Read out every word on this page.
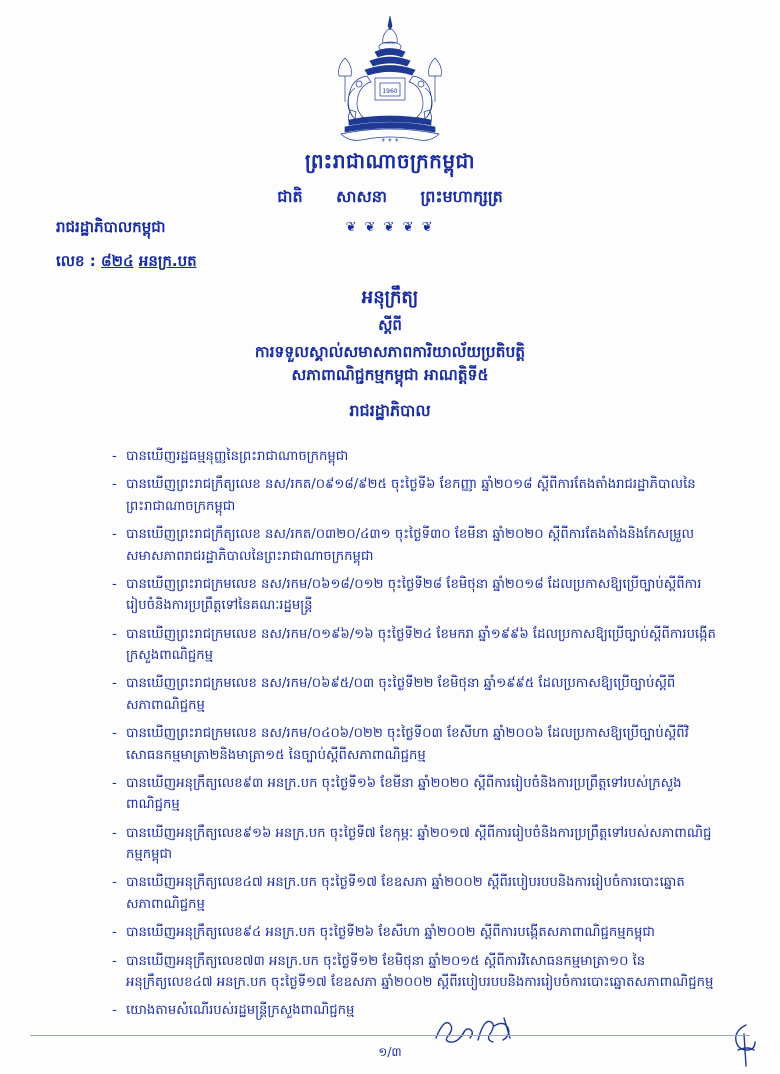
1960
⚜ ⚜ ⚜
ព្រះរាជាណាចក្រកម្ពុជា
ជាតិ សាសនា ព្រះមហាក្សត្រ
❦ ❦ ❦ ❦ ❦
រាជរដ្ឋាភិបាលកម្ពុជា
លេខ : ៨២៤ អនក្រ.បត
អនុក្រឹត្យ
ស្តីពី
ការទទួលស្គាល់សមាសភាពការិយាល័យប្រតិបត្តិ
សភាពាណិជ្ជកម្មកម្ពុជា អាណត្តិទី៥
រាជរដ្ឋាភិបាល
- បានឃើញរដ្ឋធម្មនុញ្ញនៃព្រះរាជាណាចក្រកម្ពុជា
- បានឃើញព្រះរាជក្រឹត្យលេខ នស/រកត/០៩១៨/៩២៥ ចុះថ្ងៃទី៦ ខែកញ្ញា ឆ្នាំ២០១៨ ស្តីពីការតែងតាំងរាជរដ្ឋាភិបាលនៃព្រះរាជាណាចក្រកម្ពុជា
- បានឃើញព្រះរាជក្រឹត្យលេខ នស/រកត/០៣២០/៤៣១ ចុះថ្ងៃទី៣០ ខែមីនា ឆ្នាំ២០២០ ស្តីពីការតែងតាំងនិងកែសម្រួលសមាសភាពរាជរដ្ឋាភិបាលនៃព្រះរាជាណាចក្រកម្ពុជា
- បានឃើញព្រះរាជក្រមលេខ នស/រកម/០៦១៨/០១២ ចុះថ្ងៃទី២៨ ខែមិថុនា ឆ្នាំ២០១៨ ដែលប្រកាសឱ្យប្រើច្បាប់ស្តីពីការរៀបចំនិងការប្រព្រឹត្តទៅនៃគណៈរដ្ឋមន្ត្រី
- បានឃើញព្រះរាជក្រមលេខ នស/រកម/០១៩៦/១៦ ចុះថ្ងៃទី២៤ ខែមករា ឆ្នាំ១៩៩៦ ដែលប្រកាសឱ្យប្រើច្បាប់ស្តីពីការបង្កើតក្រសួងពាណិជ្ជកម្ម
- បានឃើញព្រះរាជក្រមលេខ នស/រកម/០៦៩៥/០៣ ចុះថ្ងៃទី២២ ខែមិថុនា ឆ្នាំ១៩៩៥ ដែលប្រកាសឱ្យប្រើច្បាប់ស្តីពីសភាពាណិជ្ជកម្ម
- បានឃើញព្រះរាជក្រមលេខ នស/រកម/០៤០៦/០២២ ចុះថ្ងៃទី០៣ ខែសីហា ឆ្នាំ២០០៦ ដែលប្រកាសឱ្យប្រើច្បាប់ស្តីពីវិសោធនកម្មមាត្រា២និងមាត្រា១៥ នៃច្បាប់ស្តីពីសភាពាណិជ្ជកម្ម
- បានឃើញអនុក្រឹត្យលេខ៩៣ អនក្រ.បក ចុះថ្ងៃទី១៦ ខែមីនា ឆ្នាំ២០២០ ស្តីពីការរៀបចំនិងការប្រព្រឹត្តទៅរបស់ក្រសួងពាណិជ្ជកម្ម
- បានឃើញអនុក្រឹត្យលេខ៩១៦ អនក្រ.បក ចុះថ្ងៃទី៧ ខែកុម្ភៈ ឆ្នាំ២០១៧ ស្តីពីការរៀបចំនិងការប្រព្រឹត្តទៅរបស់សភាពាណិជ្ជកម្មកម្ពុជា
- បានឃើញអនុក្រឹត្យលេខ៤៧ អនក្រ.បក ចុះថ្ងៃទី១៧ ខែឧសភា ឆ្នាំ២០០២ ស្តីពីរបៀបរបបនិងការរៀបចំការបោះឆ្នោតសភាពាណិជ្ជកម្ម
- បានឃើញអនុក្រឹត្យលេខ៩៤ អនក្រ.បក ចុះថ្ងៃទី២៦ ខែសីហា ឆ្នាំ២០០២ ស្តីពីការបង្កើតសភាពាណិជ្ជកម្មកម្ពុជា
- បានឃើញអនុក្រឹត្យលេខ៧៣ អនក្រ.បក ចុះថ្ងៃទី១២ ខែមិថុនា ឆ្នាំ២០១៥ ស្តីពីការវិសោធនកម្មមាត្រា១០ នៃអនុក្រឹត្យលេខ៤៧ អនក្រ.បក ចុះថ្ងៃទី១៧ ខែឧសភា ឆ្នាំ២០០២ ស្តីពីរបៀបរបបនិងការរៀបចំការបោះឆ្នោតសភាពាណិជ្ជកម្ម
- យោងតាមសំណើរបស់រដ្ឋមន្ត្រីក្រសួងពាណិជ្ជកម្ម
១/៣
